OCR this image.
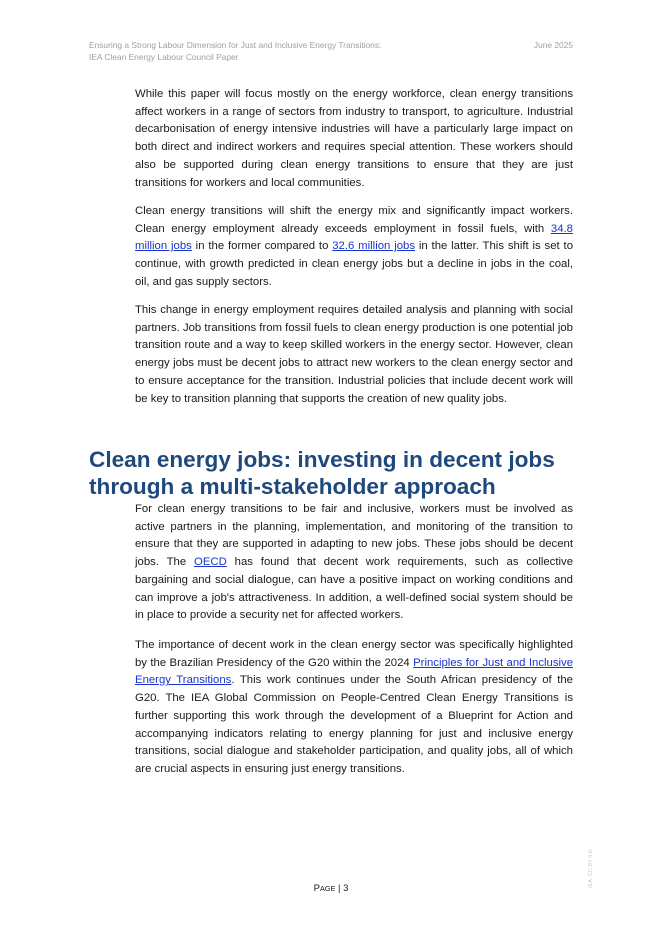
Ensuring a Strong Labour Dimension for Just and Inclusive Energy Transitions:
IEA Clean Energy Labour Council Paper
June 2025

While this paper will focus mostly on the energy workforce, clean energy transitions affect workers in a range of sectors from industry to transport, to agriculture. Industrial decarbonisation of energy intensive industries will have a particularly large impact on both direct and indirect workers and requires special attention. These workers should also be supported during clean energy transitions to ensure that they are just transitions for workers and local communities.

Clean energy transitions will shift the energy mix and significantly impact workers. Clean energy employment already exceeds employment in fossil fuels, with 34.8 million jobs in the former compared to 32.6 million jobs in the latter. This shift is set to continue, with growth predicted in clean energy jobs but a decline in jobs in the coal, oil, and gas supply sectors.

This change in energy employment requires detailed analysis and planning with social partners. Job transitions from fossil fuels to clean energy production is one potential job transition route and a way to keep skilled workers in the energy sector. However, clean energy jobs must be decent jobs to attract new workers to the clean energy sector and to ensure acceptance for the transition. Industrial policies that include decent work will be key to transition planning that supports the creation of new quality jobs.

Clean energy jobs: investing in decent jobs through a multi-stakeholder approach

For clean energy transitions to be fair and inclusive, workers must be involved as active partners in the planning, implementation, and monitoring of the transition to ensure that they are supported in adapting to new jobs. These jobs should be decent jobs. The OECD has found that decent work requirements, such as collective bargaining and social dialogue, can have a positive impact on working conditions and can improve a job's attractiveness. In addition, a well-defined social system should be in place to provide a security net for affected workers.

The importance of decent work in the clean energy sector was specifically highlighted by the Brazilian Presidency of the G20 within the 2024 Principles for Just and Inclusive Energy Transitions. This work continues under the South African presidency of the G20. The IEA Global Commission on People-Centred Clean Energy Transitions is further supporting this work through the development of a Blueprint for Action and accompanying indicators relating to energy planning for just and inclusive energy transitions, social dialogue and stakeholder participation, and quality jobs, all of which are crucial aspects in ensuring just energy transitions.

PAGE | 3
IEA. CC BY 4.0.
